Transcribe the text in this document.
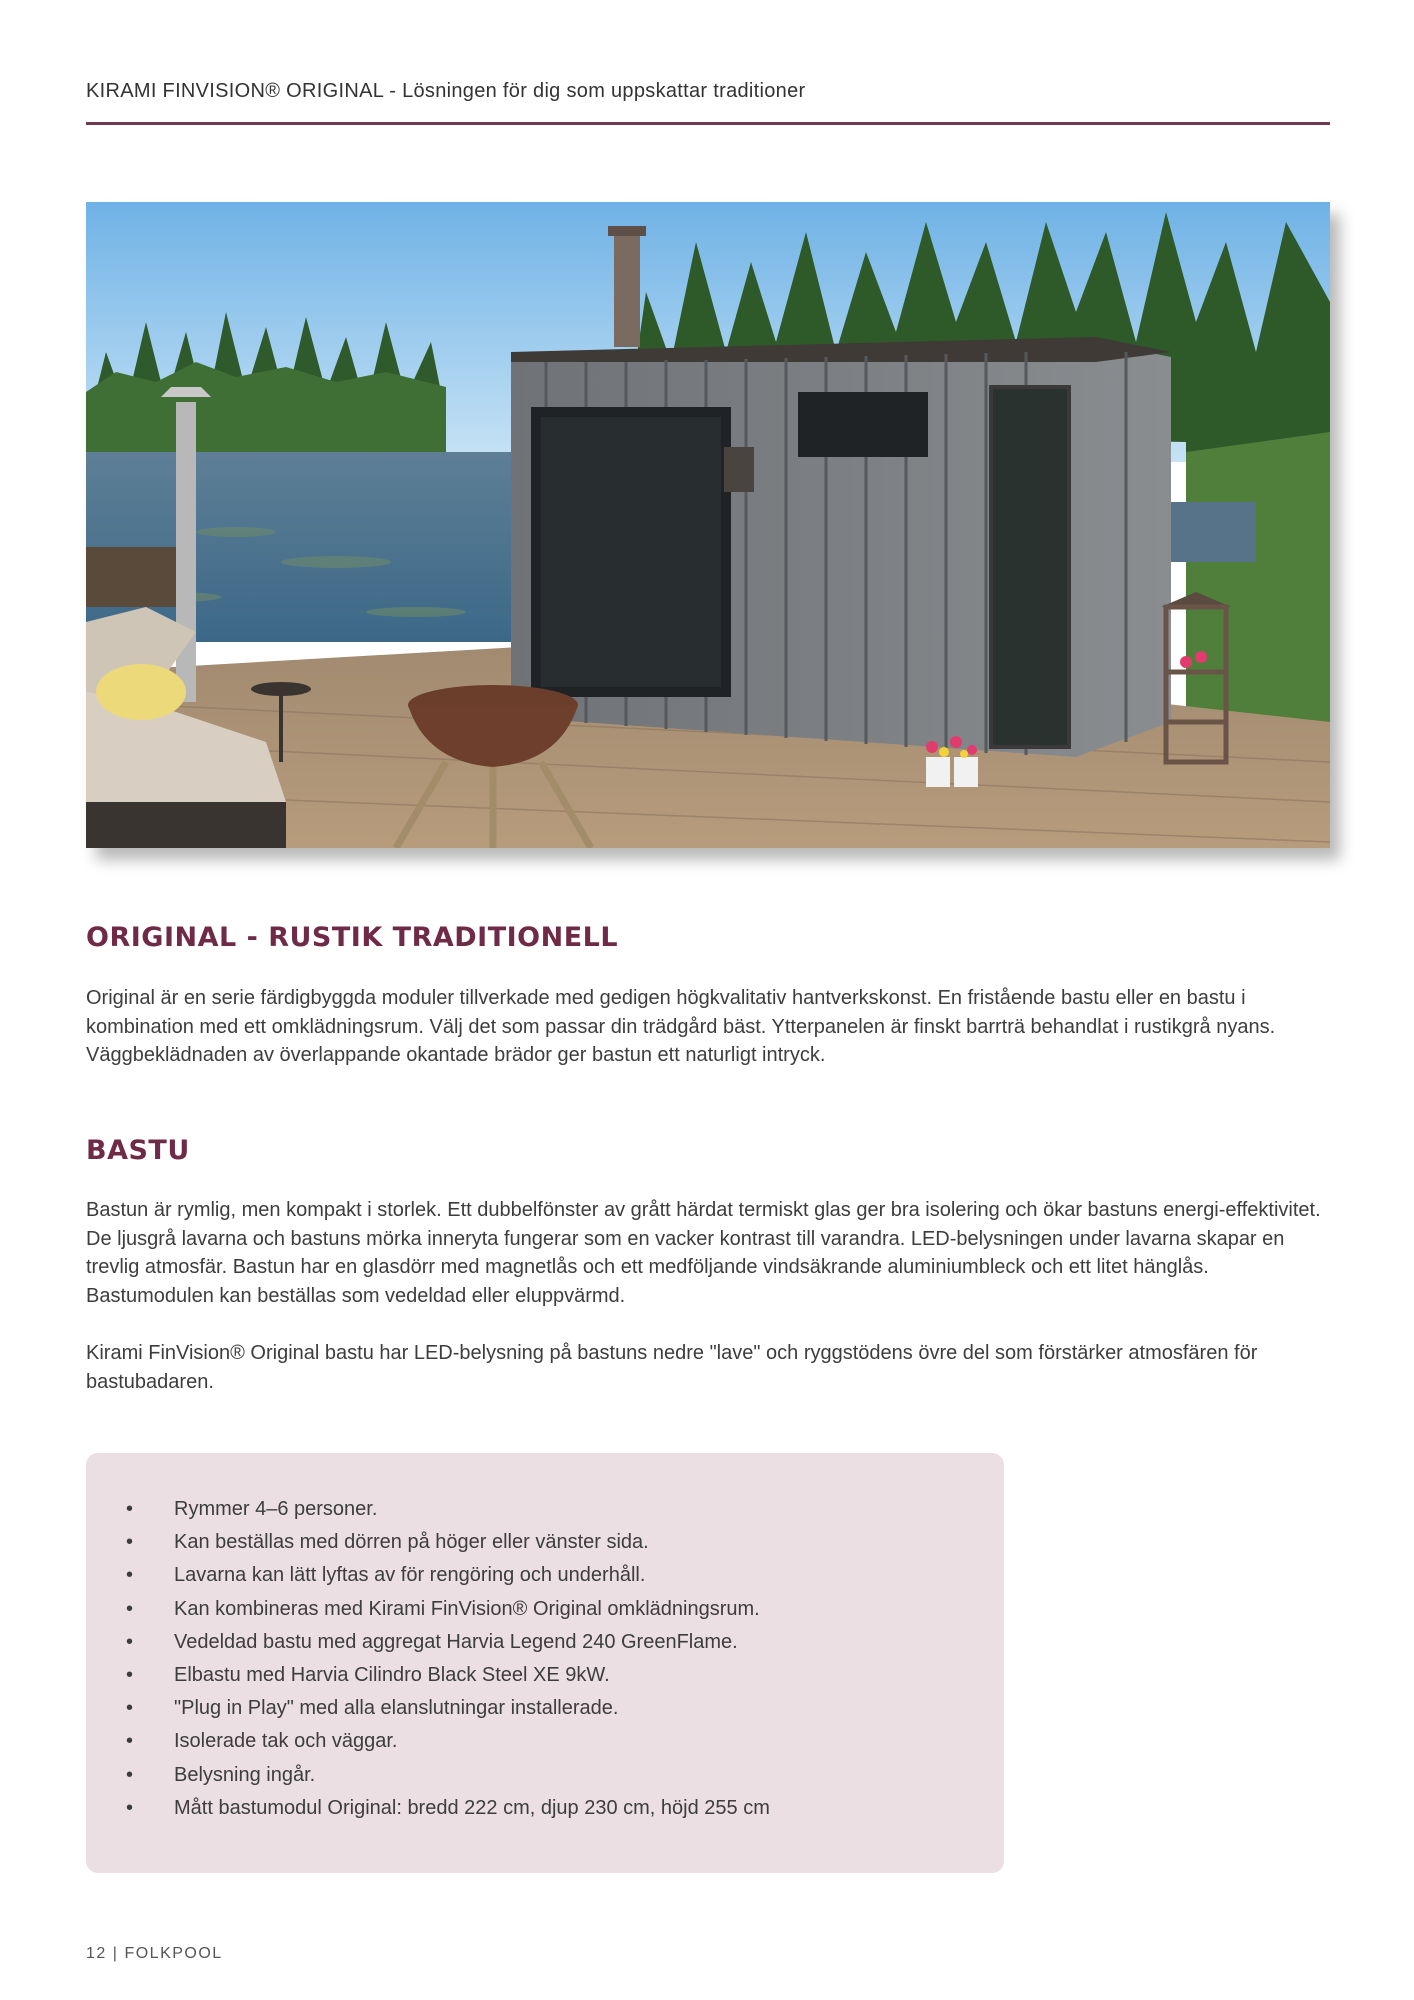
KIRAMI FINVISION® ORIGINAL - Lösningen för dig som uppskattar traditioner
ORIGINAL - RUSTIK TRADITIONELL

Original är en serie färdigbyggda moduler tillverkade med gedigen högkvalitativ hantverkskonst. En fristående bastu eller en bastu i kombination med ett omklädningsrum. Välj det som passar din trädgård bäst. Ytterpanelen är finskt barrträ behandlat i rustikgrå nyans. Väggbeklädnaden av överlappande okantade brädor ger bastun ett naturligt intryck.

BASTU

Bastun är rymlig, men kompakt i storlek. Ett dubbelfönster av grått härdat termiskt glas ger bra isolering och ökar bastuns energi-effektivitet. De ljusgrå lavarna och bastuns mörka inneryta fungerar som en vacker kontrast till varandra. LED-belysningen under lavarna skapar en trevlig atmosfär. Bastun har en glasdörr med magnetlås och ett medföljande vindsäkrande aluminiumbleck och ett litet hänglås. Bastumodulen kan beställas som vedeldad eller eluppvärmd.

Kirami FinVision® Original bastu har LED-belysning på bastuns nedre "lave" och ryggstödens övre del som förstärker atmosfären för bastubadaren.

• Rymmer 4–6 personer.
• Kan beställas med dörren på höger eller vänster sida.
• Lavarna kan lätt lyftas av för rengöring och underhåll.
• Kan kombineras med Kirami FinVision® Original omklädningsrum.
• Vedeldad bastu med aggregat Harvia Legend 240 GreenFlame.
• Elbastu med Harvia Cilindro Black Steel XE 9kW.
• "Plug in Play" med alla elanslutningar installerade.
• Isolerade tak och väggar.
• Belysning ingår.
• Mått bastumodul Original: bredd 222 cm, djup 230 cm, höjd 255 cm
12 | FOLKPOOL
